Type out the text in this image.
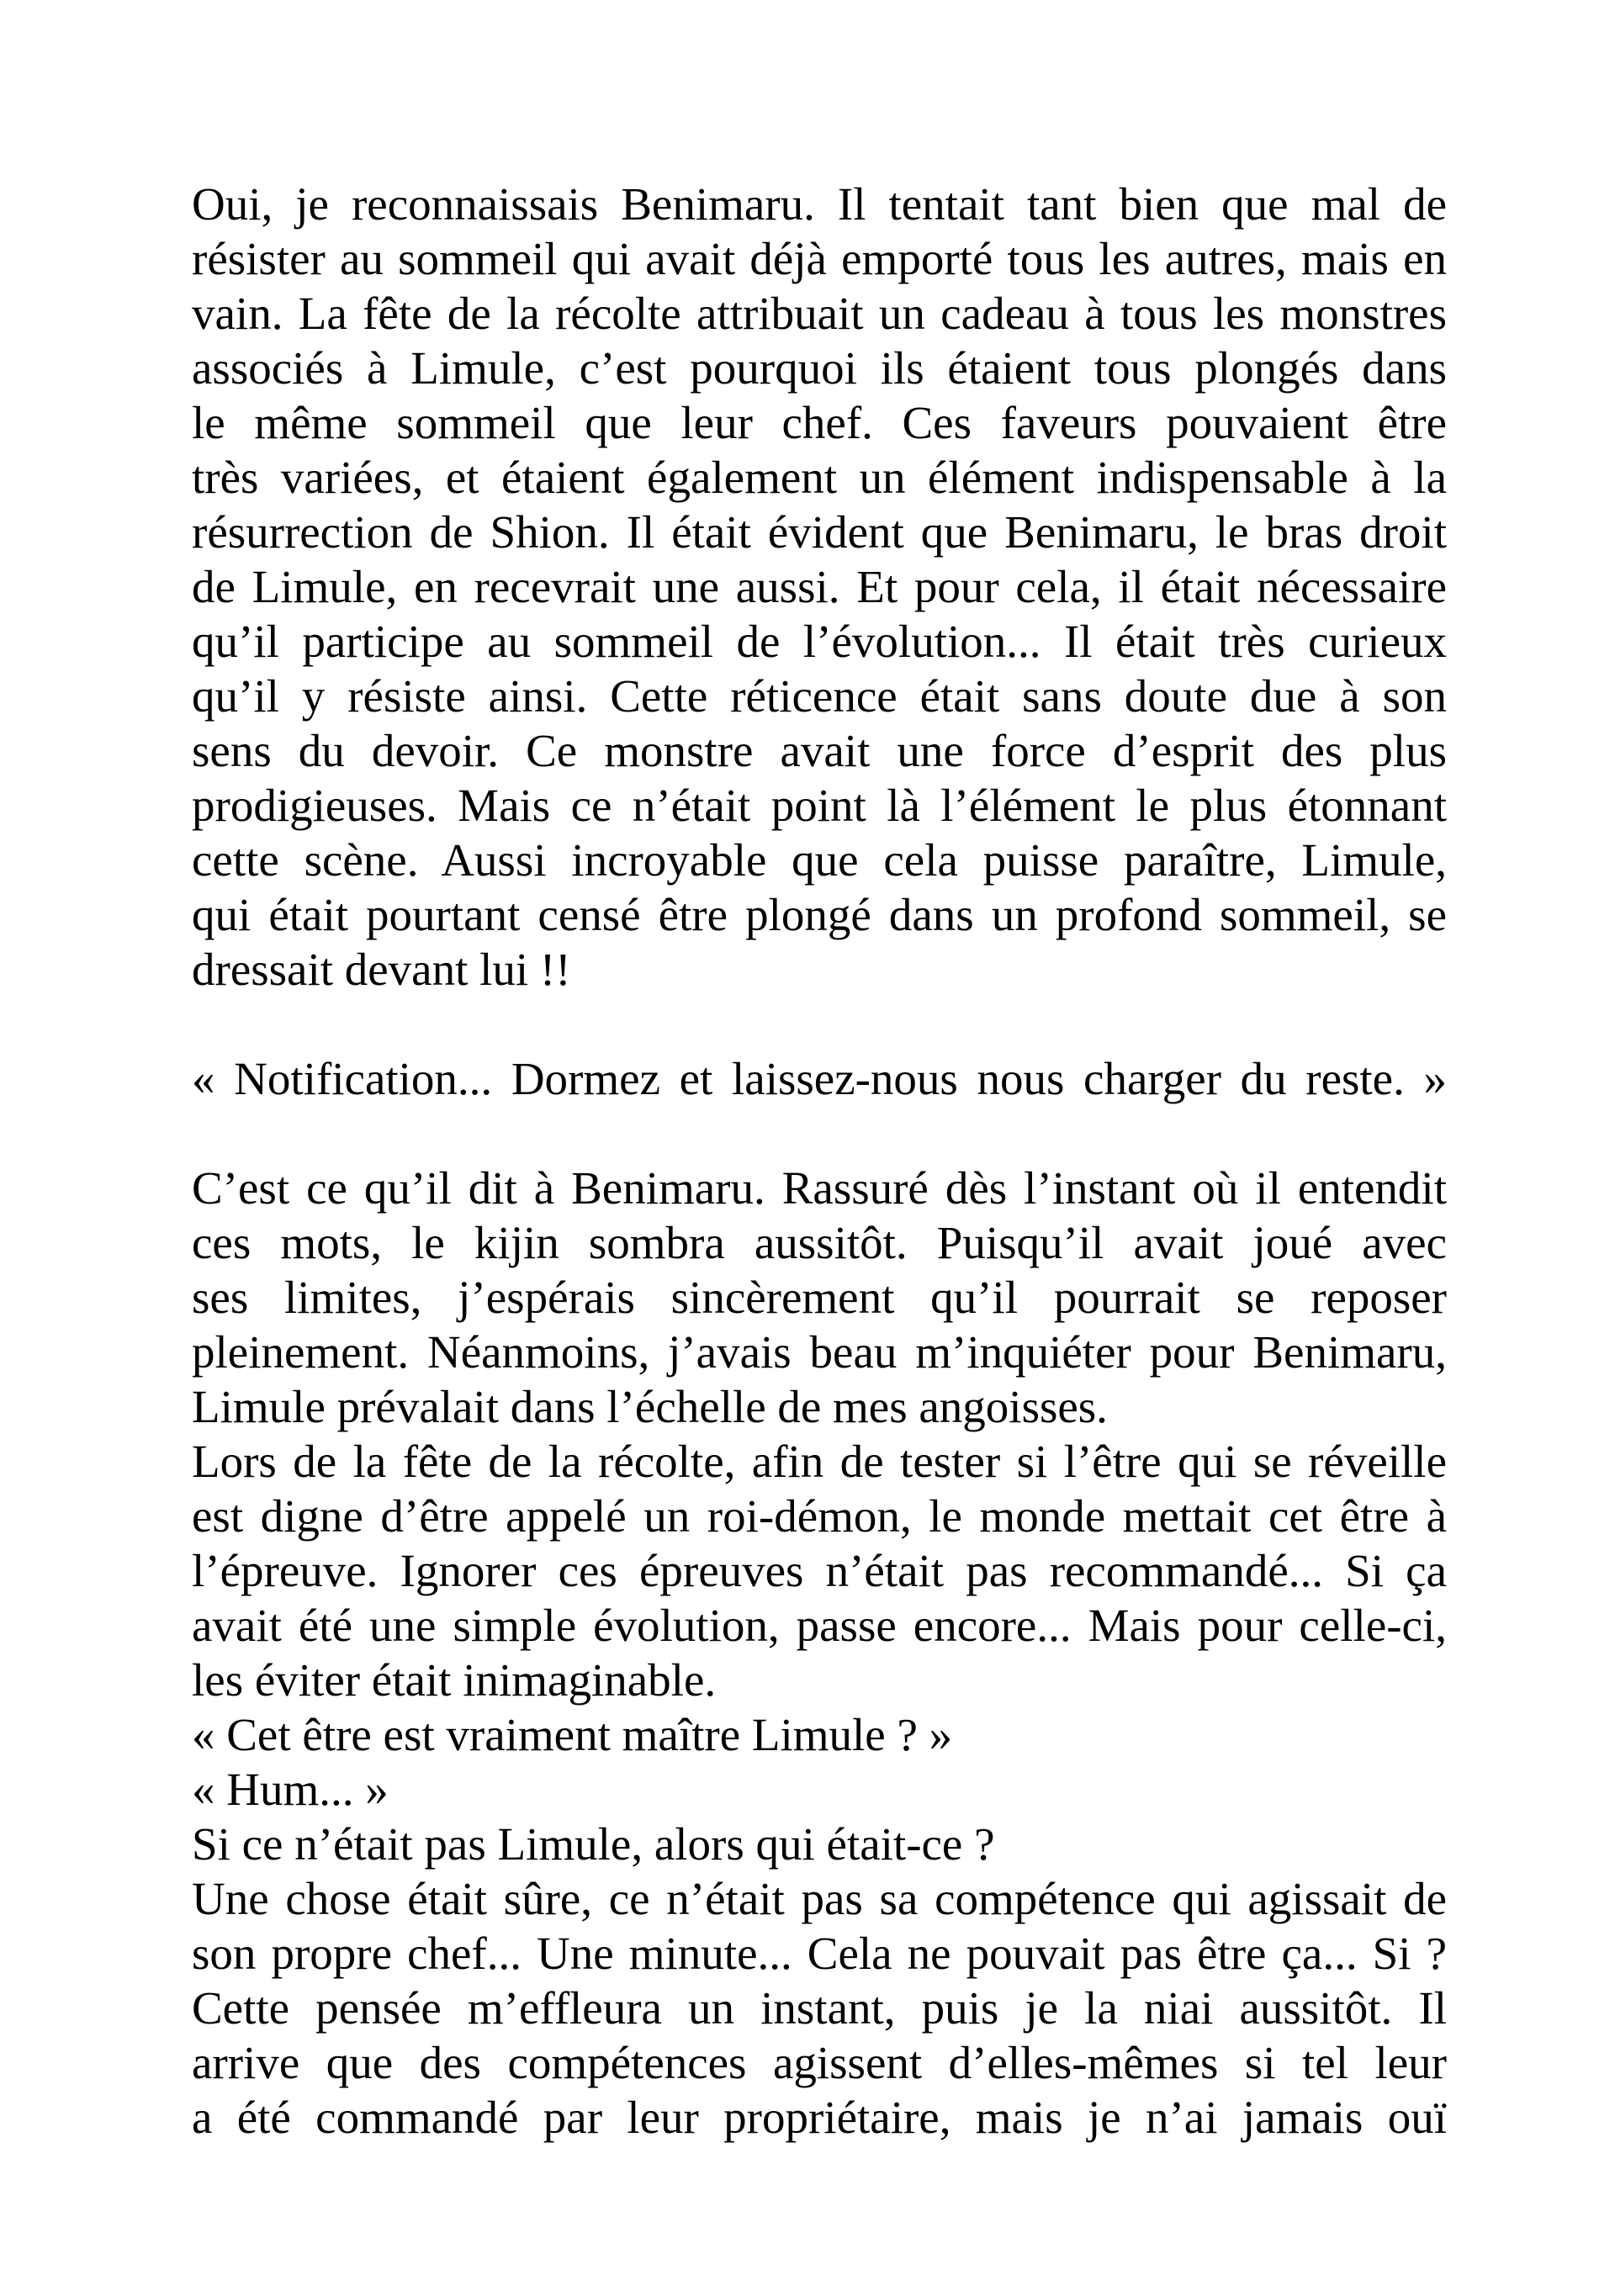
Oui, je reconnaissais Benimaru. Il tentait tant bien que mal de

résister au sommeil qui avait déjà emporté tous les autres, mais en

vain. La fête de la récolte attribuait un cadeau à tous les monstres

associés à Limule, c’est pourquoi ils étaient tous plongés dans

le même sommeil que leur chef. Ces faveurs pouvaient être

très variées, et étaient également un élément indispensable à la

résurrection de Shion. Il était évident que Benimaru, le bras droit

de Limule, en recevrait une aussi. Et pour cela, il était nécessaire

qu’il participe au sommeil de l’évolution... Il était très curieux

qu’il y résiste ainsi. Cette réticence était sans doute due à son

sens du devoir. Ce monstre avait une force d’esprit des plus

prodigieuses. Mais ce n’était point là l’élément le plus étonnant

cette scène. Aussi incroyable que cela puisse paraître, Limule,

qui était pourtant censé être plongé dans un profond sommeil, se

dressait devant lui !!

« Notification... Dormez et laissez-nous nous charger du reste. »

C’est ce qu’il dit à Benimaru. Rassuré dès l’instant où il entendit

ces mots, le kijin sombra aussitôt. Puisqu’il avait joué avec

ses limites, j’espérais sincèrement qu’il pourrait se reposer

pleinement. Néanmoins, j’avais beau m’inquiéter pour Benimaru,

Limule prévalait dans l’échelle de mes angoisses.

Lors de la fête de la récolte, afin de tester si l’être qui se réveille

est digne d’être appelé un roi-démon, le monde mettait cet être à

l’épreuve. Ignorer ces épreuves n’était pas recommandé... Si ça

avait été une simple évolution, passe encore... Mais pour celle-ci,

les éviter était inimaginable.

« Cet être est vraiment maître Limule ? »

« Hum... »

Si ce n’était pas Limule, alors qui était-ce ?

Une chose était sûre, ce n’était pas sa compétence qui agissait de

son propre chef... Une minute... Cela ne pouvait pas être ça... Si ?

Cette pensée m’effleura un instant, puis je la niai aussitôt. Il

arrive que des compétences agissent d’elles-mêmes si tel leur

a été commandé par leur propriétaire, mais je n’ai jamais ouï
